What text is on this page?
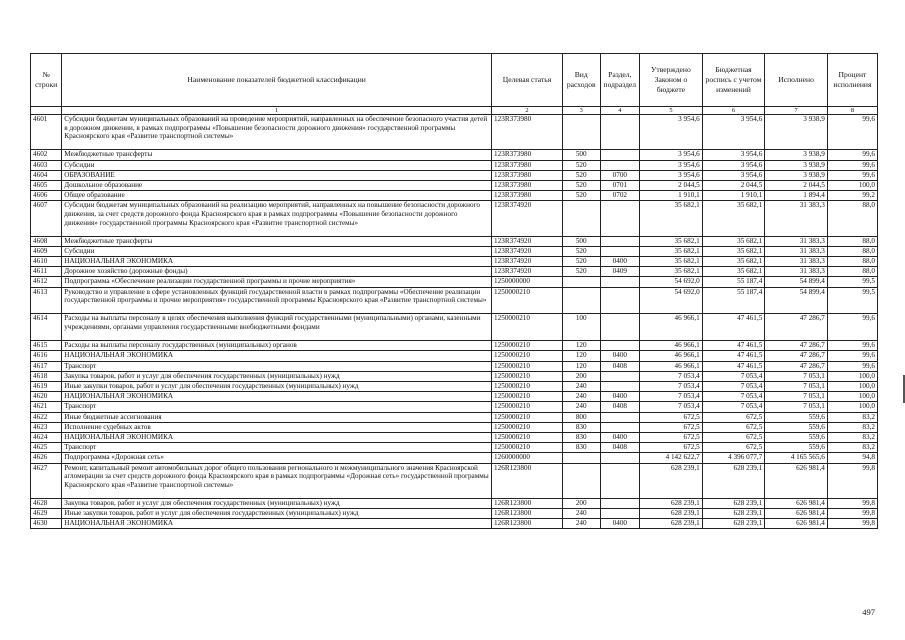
№ строки	Наименование показателей бюджетной классификации	Целевая статья	Вид расходов	Раздел, подраздел	Утверждено Законом о бюджете	Бюджетная роспись с учетом изменений	Исполнено	Процент исполнения
	1	2	3	4	5	6	7	8
4601	Субсидии бюджетам муниципальных образований на проведение мероприятий, направленных на обеспечение безопасного участия детей в дорожном движении, в рамках подпрограммы «Повышение безопасности дорожного движения» государственной программы Красноярского края «Развитие транспортной системы»	123R373980			3 954,6	3 954,6	3 938,9	99,6
4602	Межбюджетные трансферты	123R373980	500		3 954,6	3 954,6	3 938,9	99,6
4603	Субсидии	123R373980	520		3 954,6	3 954,6	3 938,9	99,6
4604	ОБРАЗОВАНИЕ	123R373980	520	0700	3 954,6	3 954,6	3 938,9	99,6
4605	Дошкольное образование	123R373980	520	0701	2 044,5	2 044,5	2 044,5	100,0
4606	Общее образование	123R373980	520	0702	1 910,1	1 910,1	1 894,4	99,2
4607	Субсидии бюджетам муниципальных образований на реализацию мероприятий, направленных на повышение безопасности дорожного движения, за счет средств дорожного фонда Красноярского края в рамках подпрограммы «Повышение безопасности дорожного движения» государственной программы Красноярского края «Развитие транспортной системы»	123R374920			35 682,1	35 682,1	31 383,3	88,0
4608	Межбюджетные трансферты	123R374920	500		35 682,1	35 682,1	31 383,3	88,0
4609	Субсидии	123R374920	520		35 682,1	35 682,1	31 383,3	88,0
4610	НАЦИОНАЛЬНАЯ ЭКОНОМИКА	123R374920	520	0400	35 682,1	35 682,1	31 383,3	88,0
4611	Дорожное хозяйство (дорожные фонды)	123R374920	520	0409	35 682,1	35 682,1	31 383,3	88,0
4612	Подпрограмма «Обеспечение реализации государственной программы и прочие мероприятия»	1250000000			54 692,0	55 187,4	54 899,4	99,5
4613	Руководство и управление в сфере установленных функций государственной власти в рамках подпрограммы «Обеспечение реализации государственной программы и прочие мероприятия» государственной программы Красноярского края «Развитие транспортной системы»	1250000210			54 692,0	55 187,4	54 899,4	99,5
4614	Расходы на выплаты персоналу в целях обеспечения выполнения функций государственными (муниципальными) органами, казенными учреждениями, органами управления государственными внебюджетными фондами	1250000210	100		46 966,1	47 461,5	47 286,7	99,6
4615	Расходы на выплаты персоналу государственных (муниципальных) органов	1250000210	120		46 966,1	47 461,5	47 286,7	99,6
4616	НАЦИОНАЛЬНАЯ ЭКОНОМИКА	1250000210	120	0400	46 966,1	47 461,5	47 286,7	99,6
4617	Транспорт	1250000210	120	0408	46 966,1	47 461,5	47 286,7	99,6
4618	Закупка товаров, работ и услуг для обеспечения государственных (муниципальных) нужд	1250000210	200		7 053,4	7 053,4	7 053,1	100,0
4619	Иные закупки товаров, работ и услуг для обеспечения государственных (муниципальных) нужд	1250000210	240		7 053,4	7 053,4	7 053,1	100,0
4620	НАЦИОНАЛЬНАЯ ЭКОНОМИКА	1250000210	240	0400	7 053,4	7 053,4	7 053,1	100,0
4621	Транспорт	1250000210	240	0408	7 053,4	7 053,4	7 053,1	100,0
4622	Иные бюджетные ассигнования	1250000210	800		672,5	672,5	559,6	83,2
4623	Исполнение судебных актов	1250000210	830		672,5	672,5	559,6	83,2
4624	НАЦИОНАЛЬНАЯ ЭКОНОМИКА	1250000210	830	0400	672,5	672,5	559,6	83,2
4625	Транспорт	1250000210	830	0408	672,5	672,5	559,6	83,2
4626	Подпрограмма «Дорожная сеть»	1260000000			4 142 622,7	4 396 077,7	4 165 565,6	94,8
4627	Ремонт, капитальный ремонт автомобильных дорог общего пользования регионального и межмуниципального значения Красноярской агломерации за счет средств дорожного фонда Красноярского края в рамках подпрограммы «Дорожная сеть» государственной программы Красноярского края «Развитие транспортной системы»	126R123800			628 239,1	628 239,1	626 981,4	99,8
4628	Закупка товаров, работ и услуг для обеспечения государственных (муниципальных) нужд	126R123800	200		628 239,1	628 239,1	626 981,4	99,8
4629	Иные закупки товаров, работ и услуг для обеспечения государственных (муниципальных) нужд	126R123800	240		628 239,1	628 239,1	626 981,4	99,8
4630	НАЦИОНАЛЬНАЯ ЭКОНОМИКА	126R123800	240	0400	628 239,1	628 239,1	626 981,4	99,8
497
